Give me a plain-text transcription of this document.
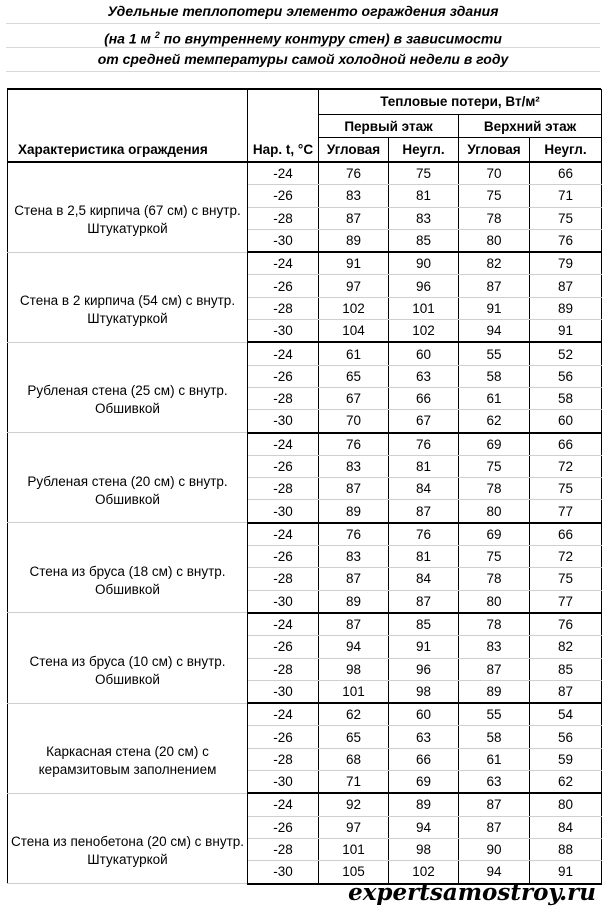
Удельные теплопотери элементо ограждения здания
(на 1 м $^2$ по внутреннему контуру стен) в зависимости
от средней температуры самой холодной недели в году
Характеристика ограждения	Нар. t, °С	Тепловые потери, Вт/м²			
		Первый этаж		Верхний этаж	
		Угловая	Неугл.	Угловая	Неугл.
Стена в 2,5 кирпича (67 см) с внутр. Штукатуркой	-24	76	75	70	66
	-26	83	81	75	71
	-28	87	83	78	75
	-30	89	85	80	76
Стена в 2 кирпича (54 см) с внутр. Штукатуркой	-24	91	90	82	79
	-26	97	96	87	87
	-28	102	101	91	89
	-30	104	102	94	91
Рубленая стена (25 см) с внутр. Обшивкой	-24	61	60	55	52
	-26	65	63	58	56
	-28	67	66	61	58
	-30	70	67	62	60
Рубленая стена (20 см) с внутр. Обшивкой	-24	76	76	69	66
	-26	83	81	75	72
	-28	87	84	78	75
	-30	89	87	80	77
Стена из бруса (18 см) с внутр. Обшивкой	-24	76	76	69	66
	-26	83	81	75	72
	-28	87	84	78	75
	-30	89	87	80	77
Стена из бруса (10 см) с внутр. Обшивкой	-24	87	85	78	76
	-26	94	91	83	82
	-28	98	96	87	85
	-30	101	98	89	87
Каркасная стена (20 см) с керамзитовым заполнением	-24	62	60	55	54
	-26	65	63	58	56
	-28	68	66	61	59
	-30	71	69	63	62
Стена из пенобетона (20 см) с внутр. Штукатуркой	-24	92	89	87	80
	-26	97	94	87	84
	-28	101	98	90	88
	-30	105	102	94	91
expertsamostroy.ru
